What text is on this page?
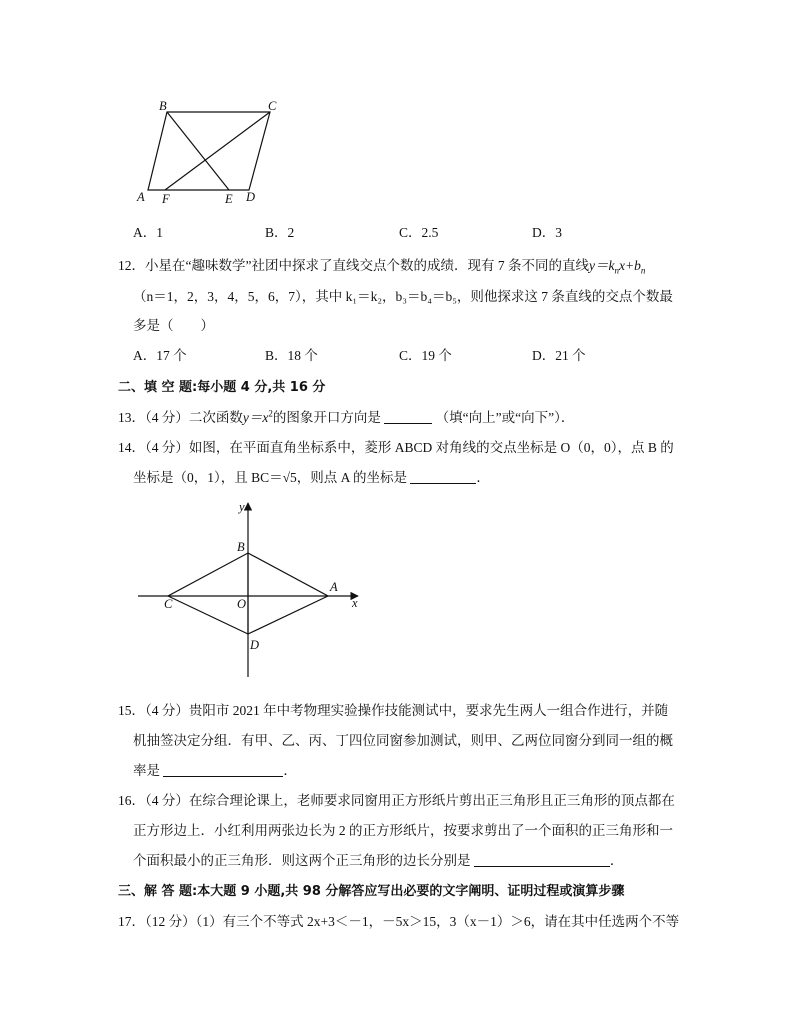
B	C
A F	E D
A．1	B．2	C．2.5	D．3
12．小星在“趣味数学”社团中探求了直线交点个数的成绩．现有 7 条不同的直线$y=k_nx+b_n$
（n＝1，2，3，4，5，6，7），其中 k₁＝k₂，b₃＝b₄＝b₅，则他探求这 7 条直线的交点个数最
多是（　　）
A．17 个	B．18 个	C．19 个	D．21 个
二、填 空 题:每小题 4 分,共 16 分
13．（4 分）二次函数$y=x^2$的图象开口方向是	（填“向上”或“向下”）．
14．（4 分）如图，在平面直角坐标系中，菱形 ABCD 对角线的交点坐标是 O（0，0），点 B 的
坐标是（0，1），且 BC＝√5，则点 A 的坐标是	．
y
x
B
A
C	O
D
15．（4 分）贵阳市 2021 年中考物理实验操作技能测试中，要求先生两人一组合作进行，并随
机抽签决定分组．有甲、乙、丙、丁四位同窗参加测试，则甲、乙两位同窗分到同一组的概
率是	．
16．（4 分）在综合理论课上，老师要求同窗用正方形纸片剪出正三角形且正三角形的顶点都在
正方形边上．小红利用两张边长为 2 的正方形纸片，按要求剪出了一个面积的正三角形和一
个面积最小的正三角形．则这两个正三角形的边长分别是	．
三、解 答 题:本大题 9 小题,共 98 分解答应写出必要的文字阐明、证明过程或演算步骤
17．（12 分）（1）有三个不等式 2x+3＜－1，－5x＞15，3（x－1）＞6，请在其中任选两个不等
